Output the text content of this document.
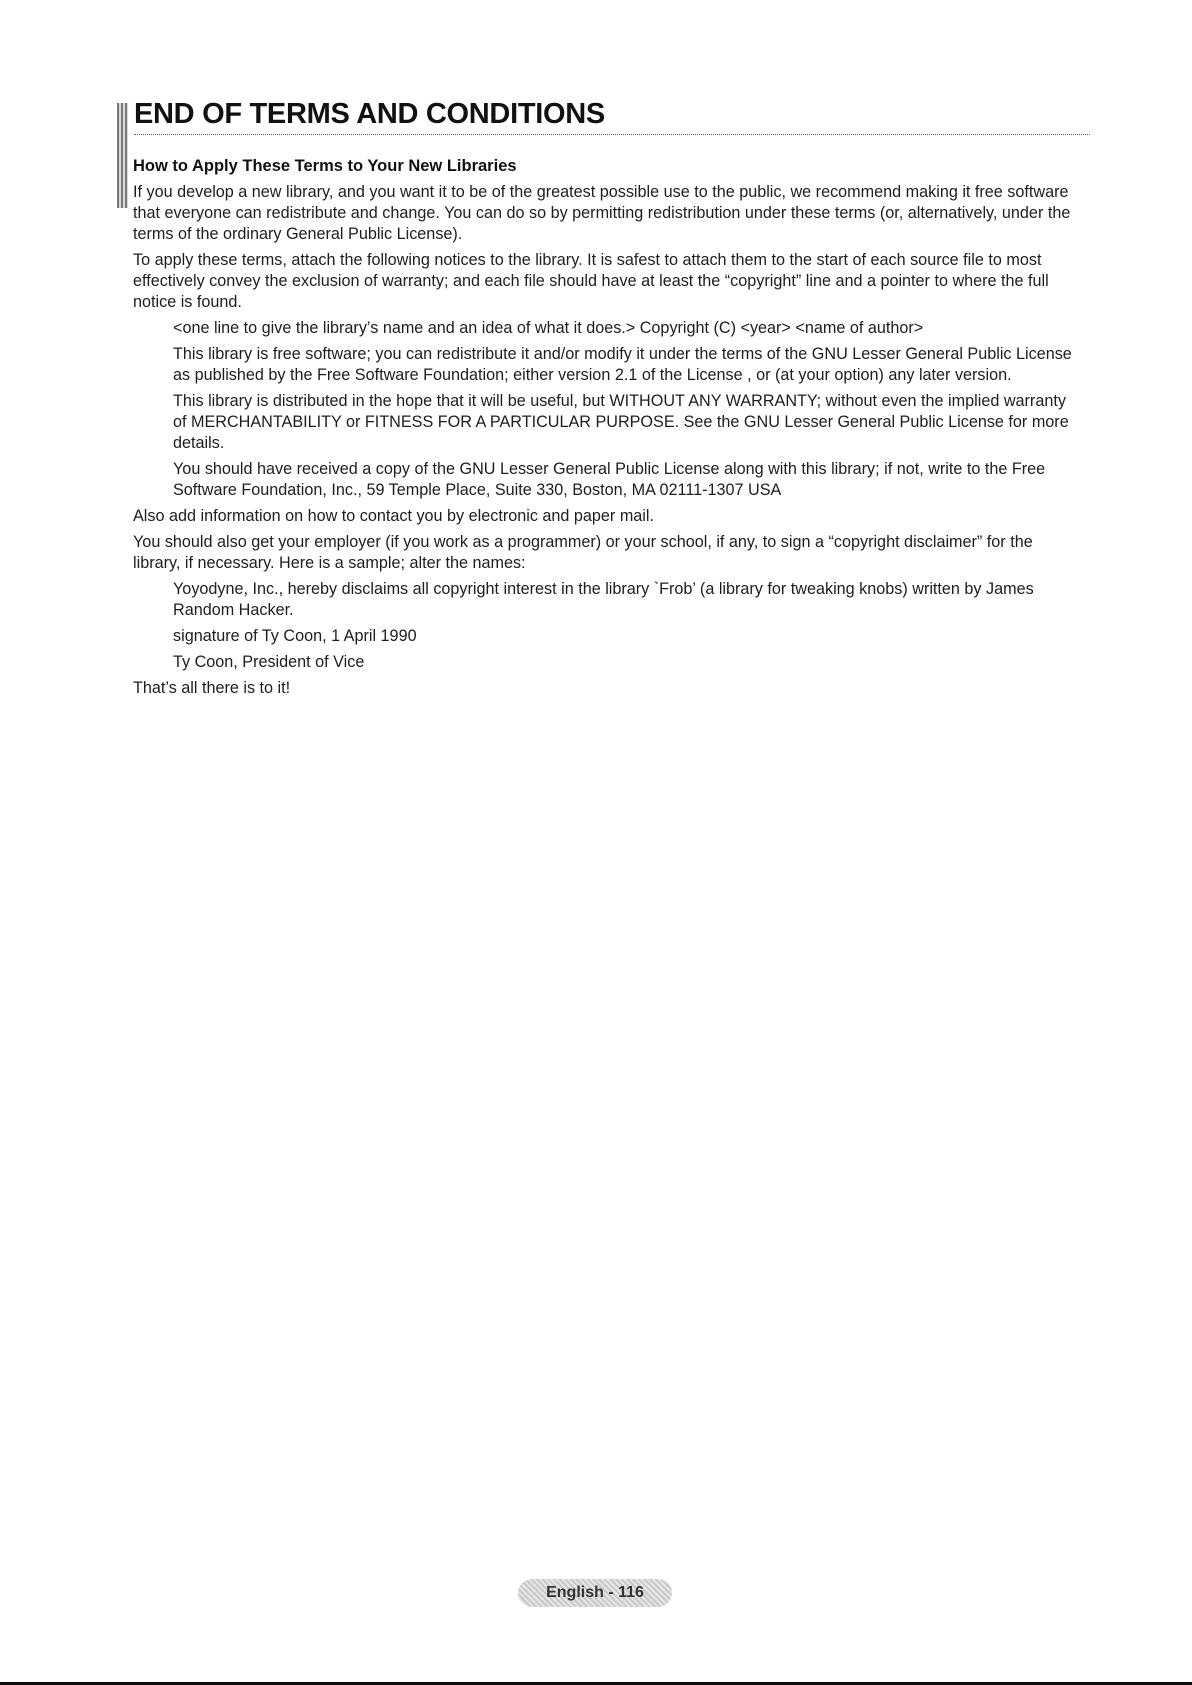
END OF TERMS AND CONDITIONS

How to Apply These Terms to Your New Libraries

If you develop a new library, and you want it to be of the greatest possible use to the public, we recommend making it free software that everyone can redistribute and change. You can do so by permitting redistribution under these terms (or, alternatively, under the terms of the ordinary General Public License).

To apply these terms, attach the following notices to the library. It is safest to attach them to the start of each source file to most effectively convey the exclusion of warranty; and each file should have at least the “copyright” line and a pointer to where the full notice is found.

<one line to give the library’s name and an idea of what it does.> Copyright (C) <year> <name of author>

This library is free software; you can redistribute it and/or modify it under the terms of the GNU Lesser General Public License as published by the Free Software Foundation; either version 2.1 of the License , or (at your option) any later version.

This library is distributed in the hope that it will be useful, but WITHOUT ANY WARRANTY; without even the implied warranty of MERCHANTABILITY or FITNESS FOR A PARTICULAR PURPOSE. See the GNU Lesser General Public License for more details.

You should have received a copy of the GNU Lesser General Public License along with this library; if not, write to the Free Software Foundation, Inc., 59 Temple Place, Suite 330, Boston, MA 02111-1307 USA

Also add information on how to contact you by electronic and paper mail.

You should also get your employer (if you work as a programmer) or your school, if any, to sign a “copyright disclaimer” for the library, if necessary. Here is a sample; alter the names:

Yoyodyne, Inc., hereby disclaims all copyright interest in the library `Frob’ (a library for tweaking knobs) written by James Random Hacker.

signature of Ty Coon, 1 April 1990

Ty Coon, President of Vice

That’s all there is to it!

English - 116
